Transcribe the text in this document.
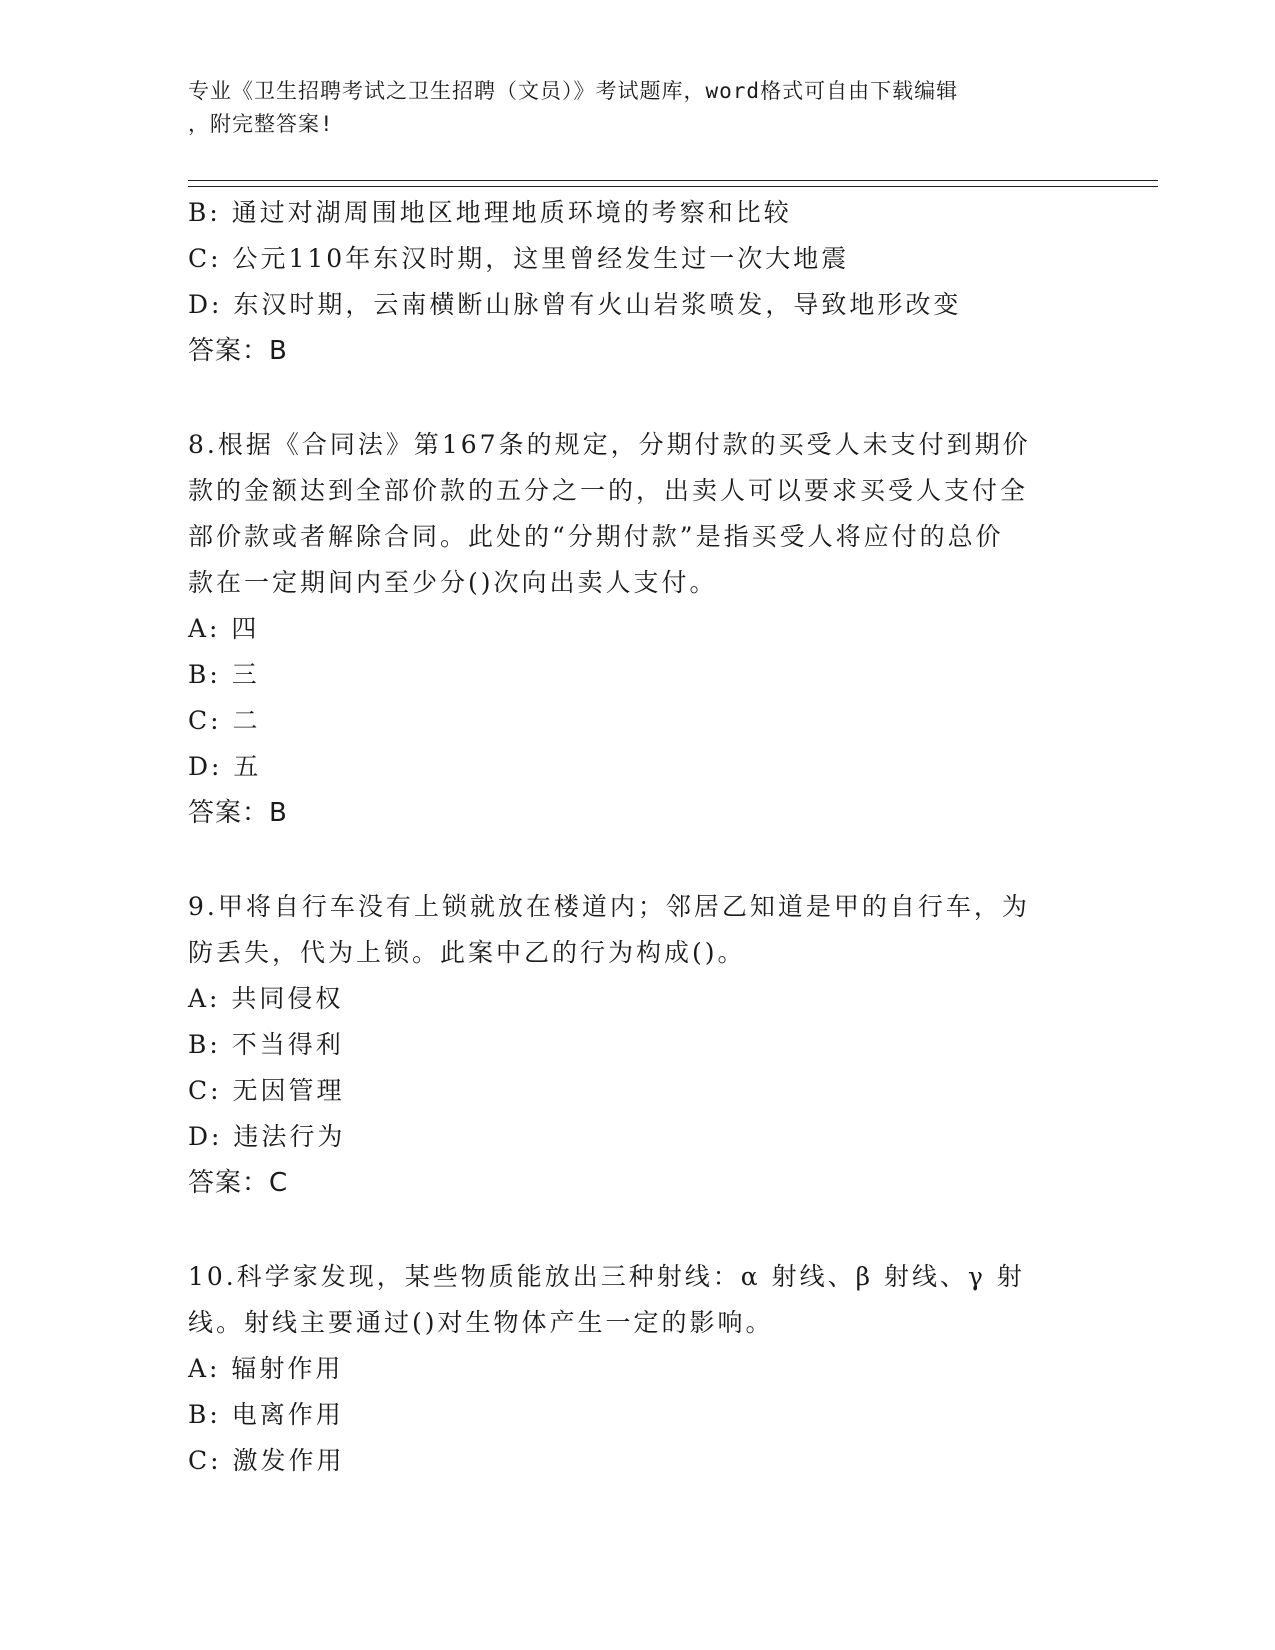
专业《卫生招聘考试之卫生招聘（文员）》考试题库，word格式可自由下载编辑
，附完整答案!
B: 通过对湖周围地区地理地质环境的考察和比较
C: 公元110年东汉时期，这里曾经发生过一次大地震
D: 东汉时期，云南横断山脉曾有火山岩浆喷发，导致地形改变
答案：B
8.根据《合同法》第167条的规定，分期付款的买受人未支付到期价
款的金额达到全部价款的五分之一的，出卖人可以要求买受人支付全
部价款或者解除合同。此处的“分期付款”是指买受人将应付的总价
款在一定期间内至少分()次向出卖人支付。
A: 四
B: 三
C: 二
D: 五
答案：B
9.甲将自行车没有上锁就放在楼道内；邻居乙知道是甲的自行车，为
防丢失，代为上锁。此案中乙的行为构成()。
A: 共同侵权
B: 不当得利
C: 无因管理
D: 违法行为
答案：C
10.科学家发现，某些物质能放出三种射线：α 射线、β 射线、γ 射
线。射线主要通过()对生物体产生一定的影响。
A: 辐射作用
B: 电离作用
C: 激发作用
